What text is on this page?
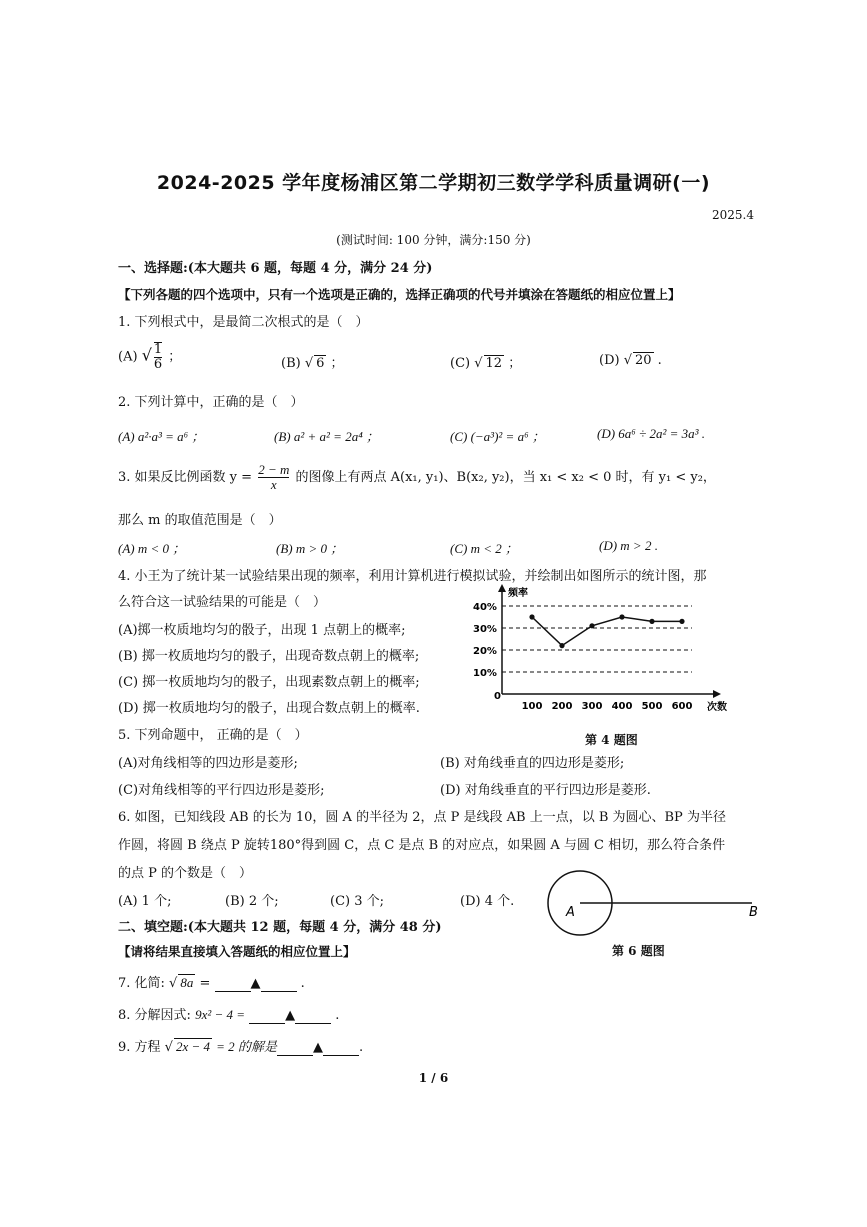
2024-2025 学年度杨浦区第二学期初三数学学科质量调研(一)
2025.4
(测试时间: 100 分钟，满分:150 分)
一、选择题:(本大题共 6 题，每题 4 分，满分 24 分)
【下列各题的四个选项中，只有一个选项是正确的，选择正确项的代号并填涂在答题纸的相应位置上】
1. 下列根式中，是最简二次根式的是（　）
(A) √ $\frac{1}{6}$ ；	(B) √ 6 ；	(C) √ 12 ；	(D) √ 20 .
2. 下列计算中，正确的是（　）
(A) a²·a³ = a⁶ ；	(B) a² + a² = 2a⁴ ；	(C) (−a³)² = a⁶ ；	(D) 6a⁶ ÷ 2a² = 3a³ .
3. 如果反比例函数 $y = \frac{2 - m}{x}$ 的图像上有两点 A(x₁, y₁)、B(x₂, y₂)，当 x₁ < x₂ < 0 时，有 y₁ < y₂，
那么 m 的取值范围是（　）
(A) m < 0 ；	(B) m > 0 ；	(C) m < 2 ；	(D) m > 2 .
4. 小王为了统计某一试验结果出现的频率，利用计算机进行模拟试验，并绘制出如图所示的统计图，那
么符合这一试验结果的可能是（　）
(A)掷一枚质地均匀的骰子，出现 1 点朝上的概率;
(B) 掷一枚质地均匀的骰子，出现奇数点朝上的概率;
(C) 掷一枚质地均匀的骰子，出现素数点朝上的概率;
(D) 掷一枚质地均匀的骰子，出现合数点朝上的概率.
10%
20%
30%
40%
100 200 300 400 500 600
0
频率
次数
第 4 题图
5. 下列命题中， 正确的是（　）
(A)对角线相等的四边形是菱形;	(B) 对角线垂直的四边形是菱形;
(C)对角线相等的平行四边形是菱形;	(D) 对角线垂直的平行四边形是菱形.
6. 如图，已知线段 AB 的长为 10，圆 A 的半径为 2，点 P 是线段 AB 上一点，以 B 为圆心、BP 为半径
作圆，将圆 B 绕点 P 旋转180°得到圆 C，点 C 是点 B 的对应点，如果圆 A 与圆 C 相切，那么符合条件
的点 P 的个数是（　）
(A) 1 个;	(B) 2 个;	(C) 3 个;	(D) 4 个.
A	B
第 6 题图
二、填空题:(本大题共 12 题，每题 4 分，满分 48 分)
【请将结果直接填入答题纸的相应位置上】
7. 化简: √ 8a =	▲	.
8. 分解因式: 9x² − 4 =	▲	.
9. 方程 √ 2x − 4 = 2 的解是	▲	.
1 / 6
